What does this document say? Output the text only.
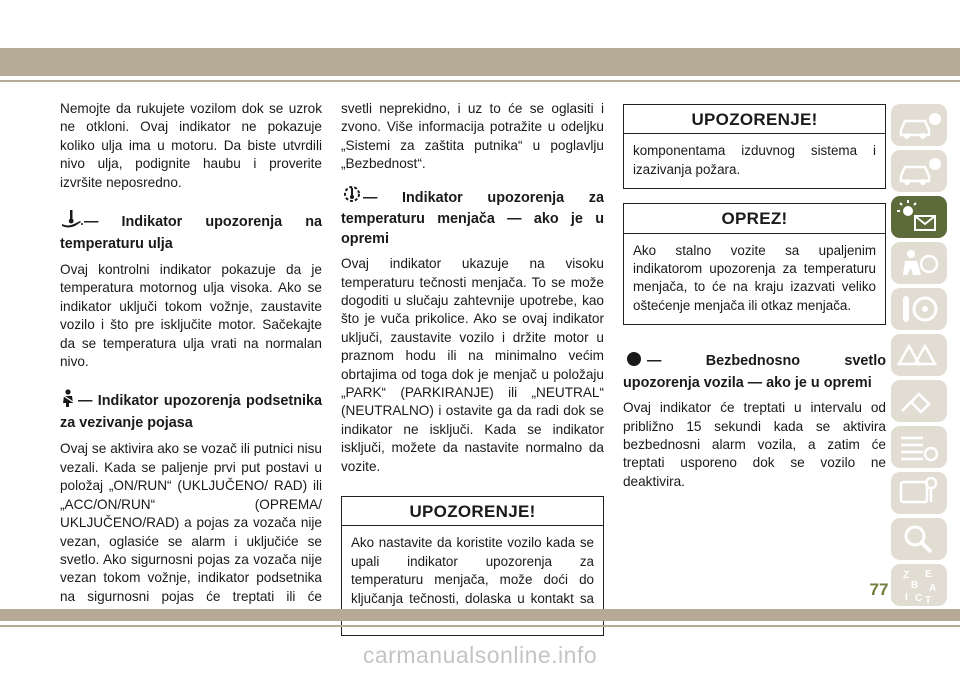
Nemojte da rukujete vozilom dok se uzrok ne otkloni. Ovaj indikator ne pokazuje koliko ulja ima u motoru. Da biste utvrdili nivo ulja, podignite haubu i proverite izvršite neposredno.

— Indikator upozorenja na temperaturu ulja

Ovaj kontrolni indikator pokazuje da je temperatura motornog ulja visoka. Ako se indikator uključi tokom vožnje, zaustavite vozilo i što pre isključite motor. Sačekajte da se temperatura ulja vrati na normalan nivo.

— Indikator upozorenja podsetnika za vezivanje pojasa

Ovaj se aktivira ako se vozač ili putnici nisu vezali. Kada se paljenje prvi put postavi u položaj „ON/RUN“ (UKLJUČENO/ RAD) ili „ACC/ON/RUN“ (OPREMA/ UKLJUČENO/RAD) a pojas za vozača nije vezan, oglasiće se alarm i uključiće se svetlo. Ako sigurnosni pojas za vozača nije vezan tokom vožnje, indikator podsetnika na sigurnosni pojas će treptati ili će

svetli neprekidno, i uz to će se oglasiti i zvono. Više informacija potražite u odeljku „Sistemi za zaštita putnika“ u poglavlju „Bezbednost“.

— Indikator upozorenja za temperaturu menjača — ako je u opremi

Ovaj indikator ukazuje na visoku temperaturu tečnosti menjača. To se može dogoditi u slučaju zahtevnije upotrebe, kao što je vuča prikolice. Ako se ovaj indikator uključi, zaustavite vozilo i držite motor u praznom hodu ili na minimalno većim obrtajima od toga dok je menjač u položaju „PARK“ (PARKIRANJE) ili „NEUTRAL“ (NEUTRALNO) i ostavite ga da radi dok se indikator ne isključi. Kada se indikator isključi, možete da nastavite normalno da vozite.

UPOZORENJE!
Ako nastavite da koristite vozilo kada se upali indikator upozorenja za temperaturu menjača, može doći do ključanja tečnosti, dolaska u kontakt sa
UPOZORENJE!
komponentama izduvnog sistema i izazivanja požara.
OPREZ!
Ako stalno vozite sa upaljenim indikatorom upozorenja za temperaturu menjača, to će na kraju izazvati veliko oštećenje menjača ili otkaz menjača.

— Bezbednosno svetlo upozorenja vozila — ako je u opremi

Ovaj indikator će treptati u intervalu od približno 15 sekundi kada se aktivira bezbednosni alarm vozila, a zatim će treptati usporeno dok se vozilo ne deaktivira.

Z E
B A
I C T
77
carmanualsonline.info
